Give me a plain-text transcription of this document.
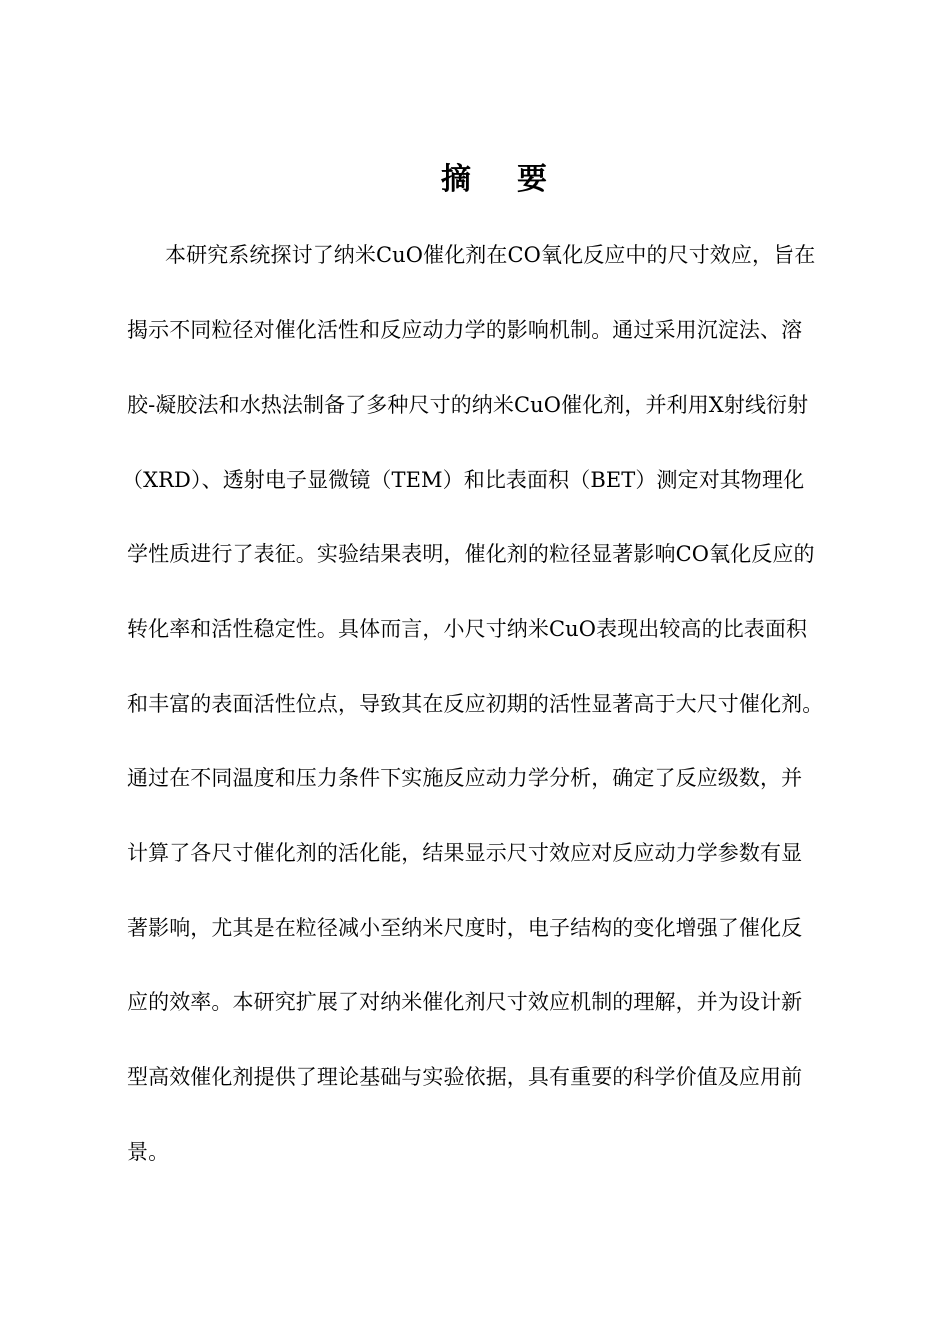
摘 要
本研究系统探讨了纳米CuO催化剂在CO氧化反应中的尺寸效应，旨在
揭示不同粒径对催化活性和反应动力学的影响机制。通过采用沉淀法、溶
胶-凝胶法和水热法制备了多种尺寸的纳米CuO催化剂，并利用X射线衍射
（XRD）、透射电子显微镜（TEM）和比表面积（BET）测定对其物理化
学性质进行了表征。实验结果表明，催化剂的粒径显著影响CO氧化反应的
转化率和活性稳定性。具体而言，小尺寸纳米CuO表现出较高的比表面积
和丰富的表面活性位点，导致其在反应初期的活性显著高于大尺寸催化剂。
通过在不同温度和压力条件下实施反应动力学分析，确定了反应级数，并
计算了各尺寸催化剂的活化能，结果显示尺寸效应对反应动力学参数有显
著影响，尤其是在粒径减小至纳米尺度时，电子结构的变化增强了催化反
应的效率。本研究扩展了对纳米催化剂尺寸效应机制的理解，并为设计新
型高效催化剂提供了理论基础与实验依据，具有重要的科学价值及应用前
景。
